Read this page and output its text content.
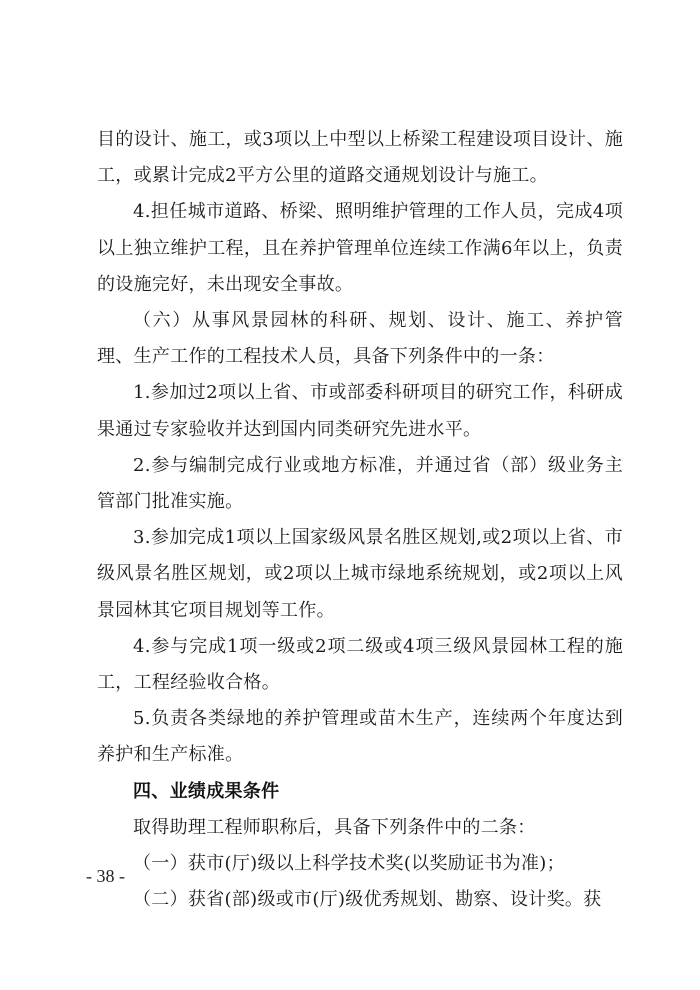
目的设计、施工，或3项以上中型以上桥梁工程建设项目设计、施工，或累计完成2平方公里的道路交通规划设计与施工。

4.担任城市道路、桥梁、照明维护管理的工作人员，完成4项以上独立维护工程，且在养护管理单位连续工作满6年以上，负责的设施完好，未出现安全事故。

（六）从事风景园林的科研、规划、设计、施工、养护管理、生产工作的工程技术人员，具备下列条件中的一条：

1.参加过2项以上省、市或部委科研项目的研究工作，科研成果通过专家验收并达到国内同类研究先进水平。

2.参与编制完成行业或地方标准，并通过省（部）级业务主管部门批准实施。

3.参加完成1项以上国家级风景名胜区规划,或2项以上省、市级风景名胜区规划，或2项以上城市绿地系统规划，或2项以上风景园林其它项目规划等工作。

4.参与完成1项一级或2项二级或4项三级风景园林工程的施工，工程经验收合格。

5.负责各类绿地的养护管理或苗木生产，连续两个年度达到养护和生产标准。

四、业绩成果条件

取得助理工程师职称后，具备下列条件中的二条：

（一）获市(厅)级以上科学技术奖(以奖励证书为准)；

（二）获省(部)级或市(厅)级优秀规划、勘察、设计奖。获

- 38 -
